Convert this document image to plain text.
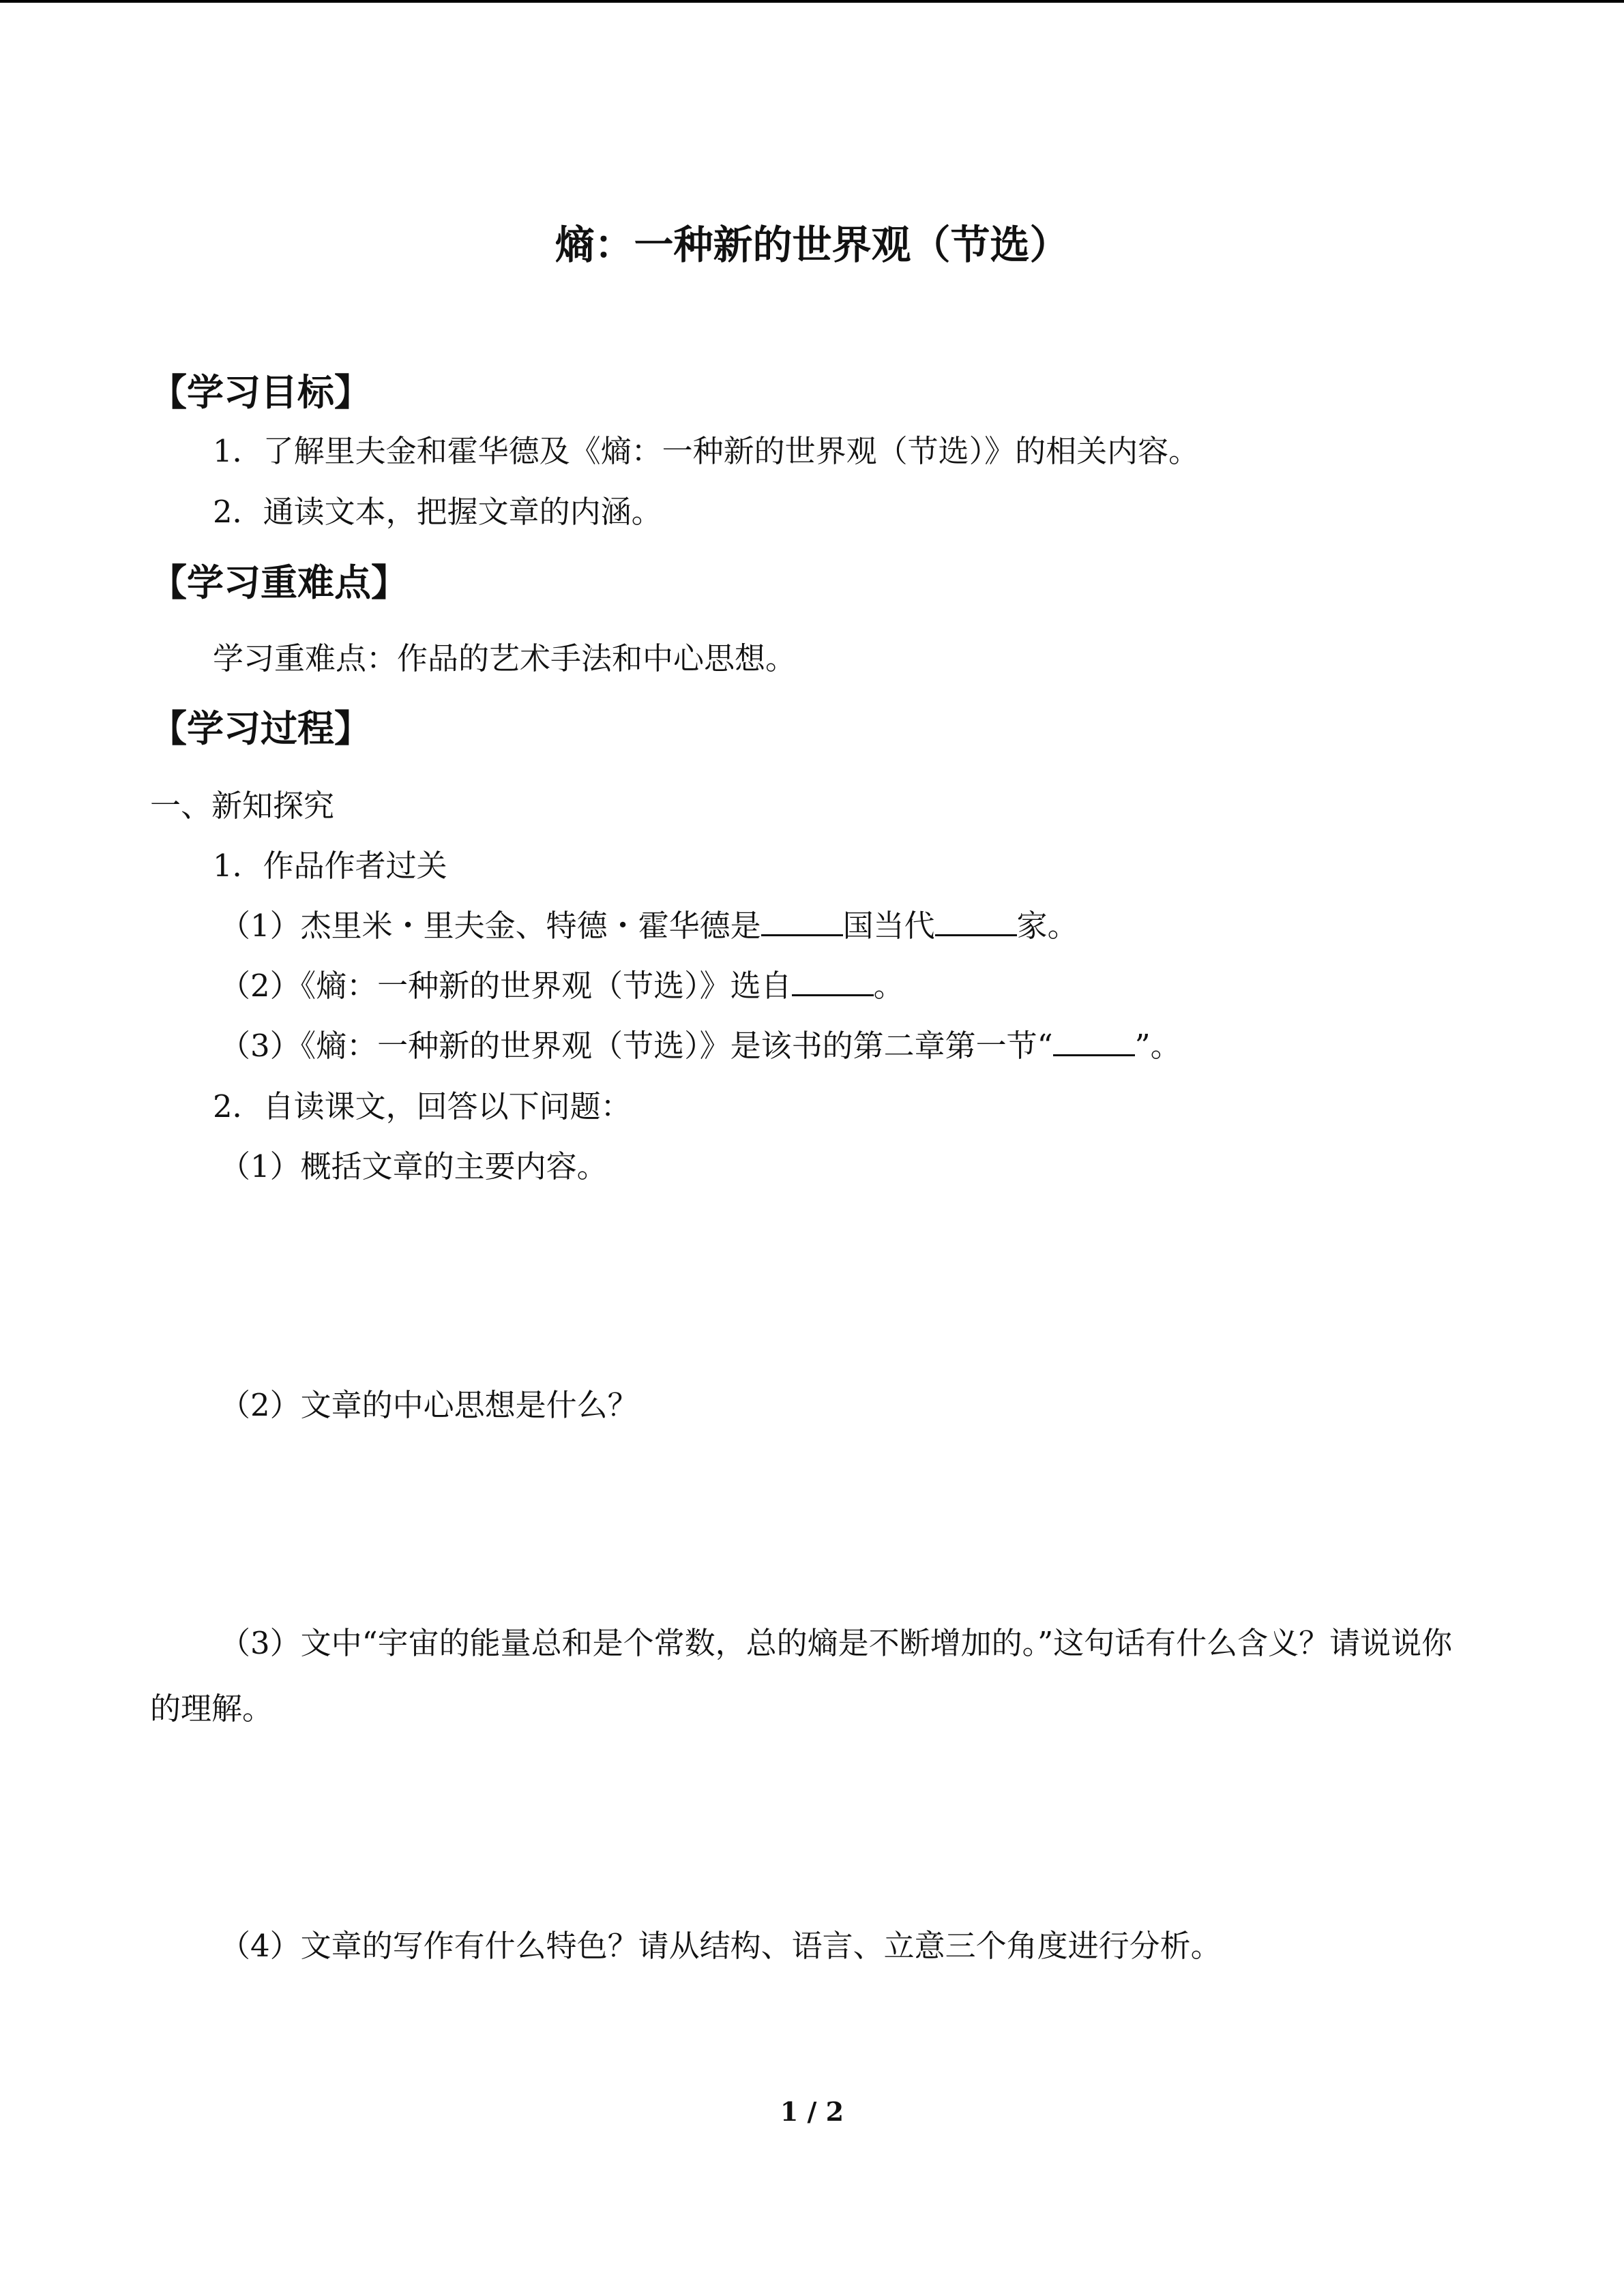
熵：一种新的世界观（节选）
【学习目标】
1．了解里夫金和霍华德及《熵：一种新的世界观（节选）》的相关内容。
2．通读文本，把握文章的内涵。
【学习重难点】
学习重难点：作品的艺术手法和中心思想。
【学习过程】
一、新知探究
1．作品作者过关
（1）杰里米・里夫金、特德・霍华德是	国当代	家。
（2）《熵：一种新的世界观（节选）》选自	。
（3）《熵：一种新的世界观（节选）》是该书的第二章第一节“	”。
2．自读课文，回答以下问题：
（1）概括文章的主要内容。
（2）文章的中心思想是什么？
（3）文中“宇宙的能量总和是个常数，总的熵是不断增加的。”这句话有什么含义？请说说你的理解。
（4）文章的写作有什么特色？请从结构、语言、立意三个角度进行分析。
1 / 2
